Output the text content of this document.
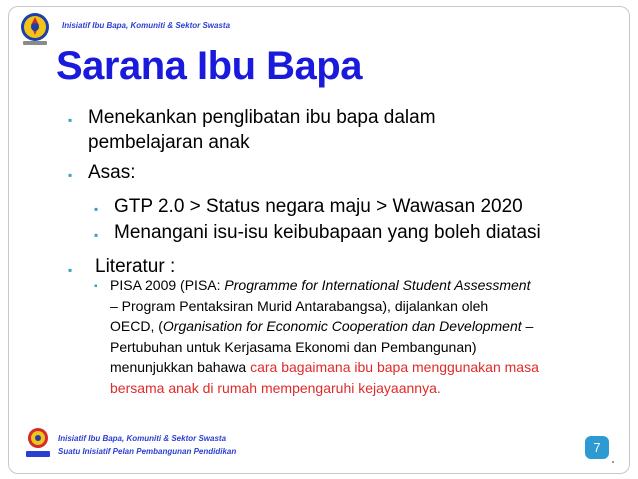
Inisiatif Ibu Bapa, Komuniti & Sektor Swasta
Sarana Ibu Bapa
▪ Menekankan penglibatan ibu bapa dalam
pembelajaran anak
▪ Asas:
▪ GTP 2.0 > Status negara maju > Wawasan 2020
▪ Menangani isu-isu keibubapaan yang boleh diatasi
▪ Literatur :
▪ PISA 2009 (PISA: Programme for International Student Assessment
– Program Pentaksiran Murid Antarabangsa), dijalankan oleh
OECD, (Organisation for Economic Cooperation dan Development –
Pertubuhan untuk Kerjasama Ekonomi dan Pembangunan)
menunjukkan bahawa cara bagaimana ibu bapa menggunakan masa
bersama anak di rumah mempengaruhi kejayaannya.
Inisiatif Ibu Bapa, Komuniti & Sektor Swasta
Suatu Inisiatif Pelan Pembangunan Pendidikan	7
